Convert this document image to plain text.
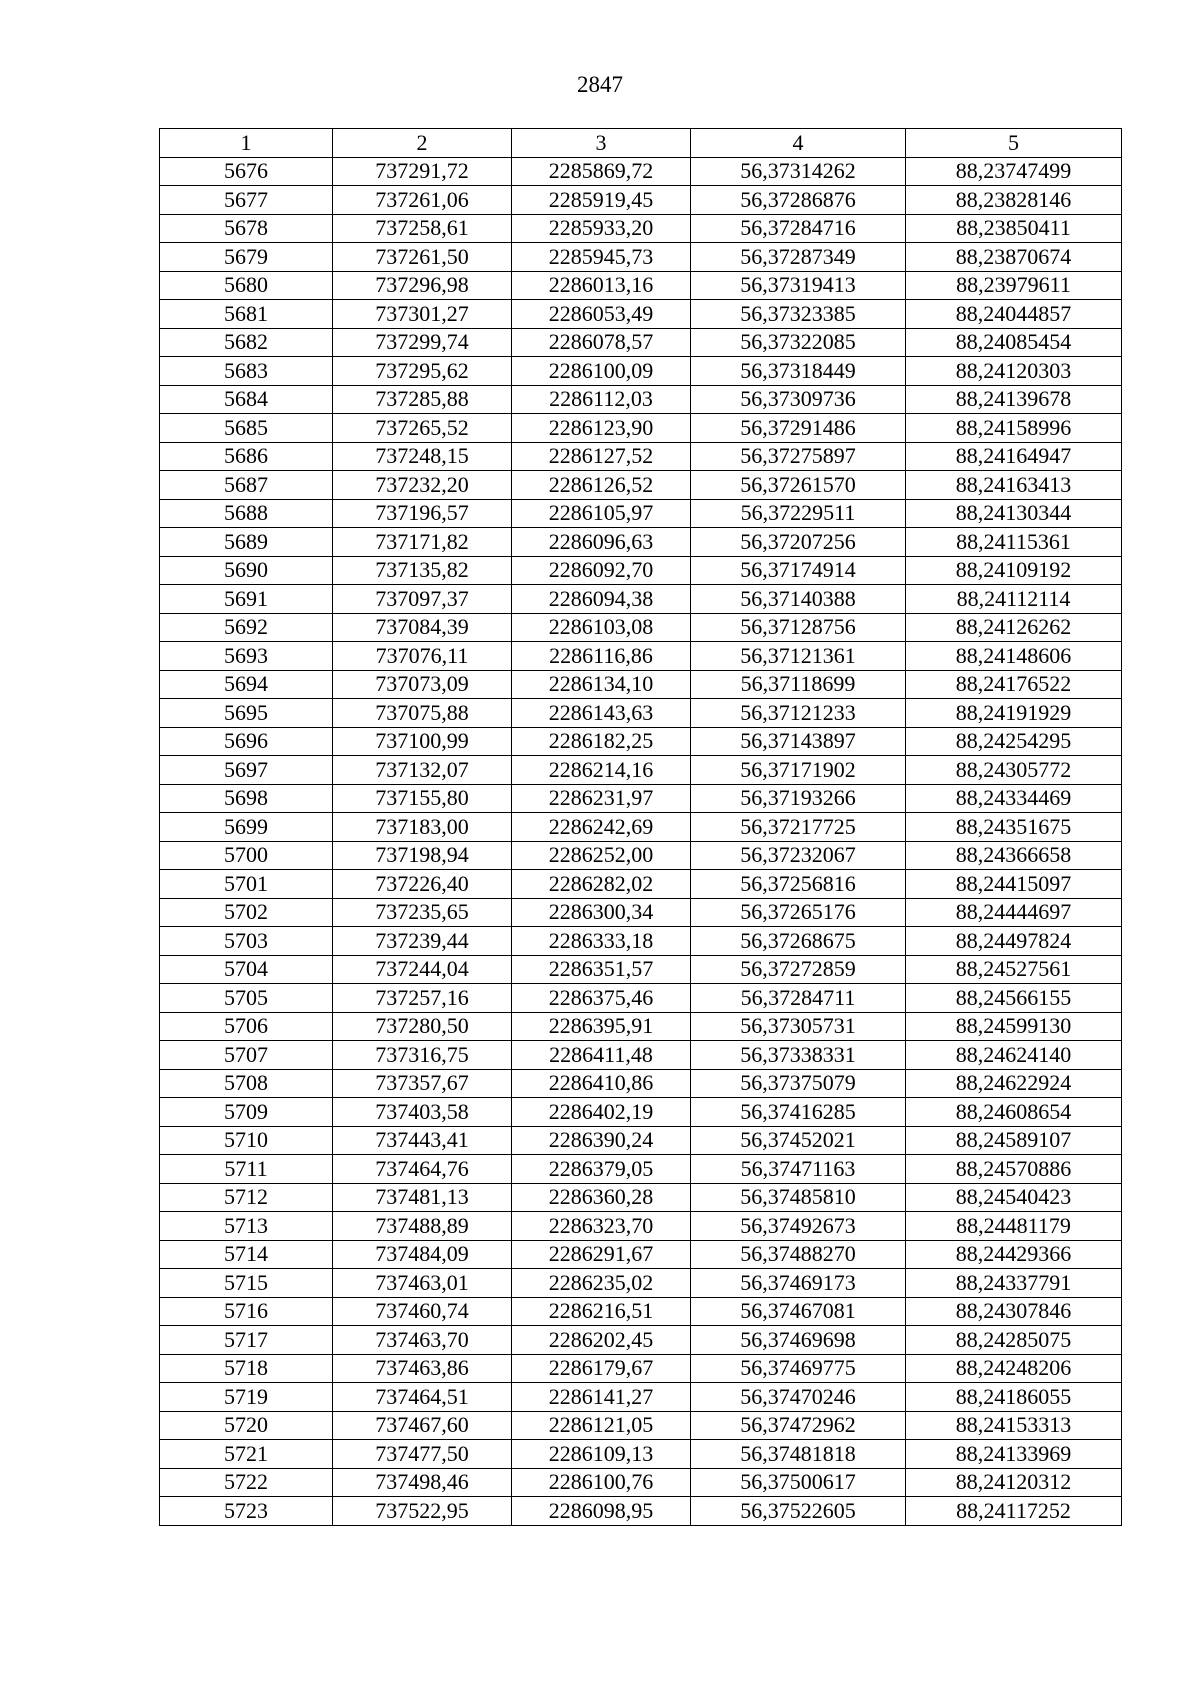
2847
1	2	3	4	5
5676	737291,72	2285869,72	56,37314262	88,23747499
5677	737261,06	2285919,45	56,37286876	88,23828146
5678	737258,61	2285933,20	56,37284716	88,23850411
5679	737261,50	2285945,73	56,37287349	88,23870674
5680	737296,98	2286013,16	56,37319413	88,23979611
5681	737301,27	2286053,49	56,37323385	88,24044857
5682	737299,74	2286078,57	56,37322085	88,24085454
5683	737295,62	2286100,09	56,37318449	88,24120303
5684	737285,88	2286112,03	56,37309736	88,24139678
5685	737265,52	2286123,90	56,37291486	88,24158996
5686	737248,15	2286127,52	56,37275897	88,24164947
5687	737232,20	2286126,52	56,37261570	88,24163413
5688	737196,57	2286105,97	56,37229511	88,24130344
5689	737171,82	2286096,63	56,37207256	88,24115361
5690	737135,82	2286092,70	56,37174914	88,24109192
5691	737097,37	2286094,38	56,37140388	88,24112114
5692	737084,39	2286103,08	56,37128756	88,24126262
5693	737076,11	2286116,86	56,37121361	88,24148606
5694	737073,09	2286134,10	56,37118699	88,24176522
5695	737075,88	2286143,63	56,37121233	88,24191929
5696	737100,99	2286182,25	56,37143897	88,24254295
5697	737132,07	2286214,16	56,37171902	88,24305772
5698	737155,80	2286231,97	56,37193266	88,24334469
5699	737183,00	2286242,69	56,37217725	88,24351675
5700	737198,94	2286252,00	56,37232067	88,24366658
5701	737226,40	2286282,02	56,37256816	88,24415097
5702	737235,65	2286300,34	56,37265176	88,24444697
5703	737239,44	2286333,18	56,37268675	88,24497824
5704	737244,04	2286351,57	56,37272859	88,24527561
5705	737257,16	2286375,46	56,37284711	88,24566155
5706	737280,50	2286395,91	56,37305731	88,24599130
5707	737316,75	2286411,48	56,37338331	88,24624140
5708	737357,67	2286410,86	56,37375079	88,24622924
5709	737403,58	2286402,19	56,37416285	88,24608654
5710	737443,41	2286390,24	56,37452021	88,24589107
5711	737464,76	2286379,05	56,37471163	88,24570886
5712	737481,13	2286360,28	56,37485810	88,24540423
5713	737488,89	2286323,70	56,37492673	88,24481179
5714	737484,09	2286291,67	56,37488270	88,24429366
5715	737463,01	2286235,02	56,37469173	88,24337791
5716	737460,74	2286216,51	56,37467081	88,24307846
5717	737463,70	2286202,45	56,37469698	88,24285075
5718	737463,86	2286179,67	56,37469775	88,24248206
5719	737464,51	2286141,27	56,37470246	88,24186055
5720	737467,60	2286121,05	56,37472962	88,24153313
5721	737477,50	2286109,13	56,37481818	88,24133969
5722	737498,46	2286100,76	56,37500617	88,24120312
5723	737522,95	2286098,95	56,37522605	88,24117252
